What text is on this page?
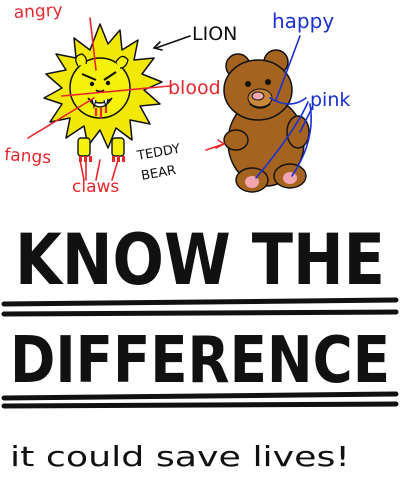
angry
LION
happy
blood
pink
fangs
claws
TEDDY
BEAR
KNOW THE
DIFFERENCE
it could save lives!
